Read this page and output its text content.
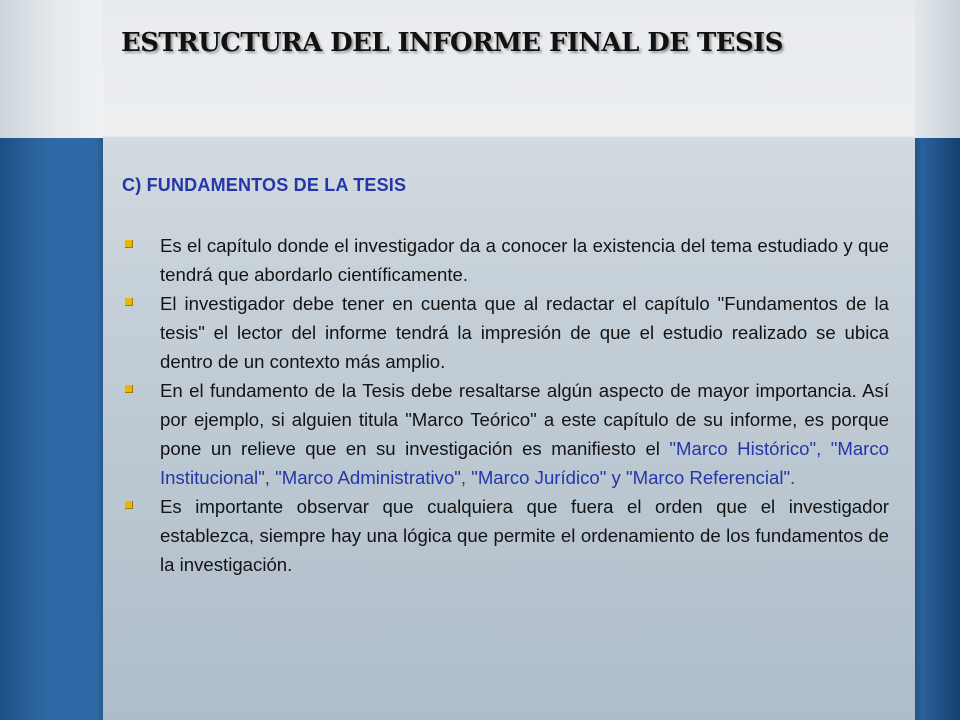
ESTRUCTURA DEL INFORME FINAL DE TESIS
C) FUNDAMENTOS DE LA TESIS
Es el capítulo donde el investigador da a conocer la existencia del tema estudiado y que tendrá que abordarlo científicamente.
El investigador debe tener en cuenta que al redactar el capítulo "Fundamentos de la tesis" el lector del informe tendrá la impresión de que el estudio realizado se ubica dentro de un contexto más amplio.
En el fundamento de la Tesis debe resaltarse algún aspecto de mayor importancia. Así por ejemplo, si alguien titula "Marco Teórico" a este capítulo de su informe, es porque pone un relieve que en su investigación es manifiesto el "Marco Histórico", "Marco Institucional", "Marco Administrativo", "Marco Jurídico" y "Marco Referencial".
Es importante observar que cualquiera que fuera el orden que el investigador establezca, siempre hay una lógica que permite el ordenamiento de los fundamentos de la investigación.
